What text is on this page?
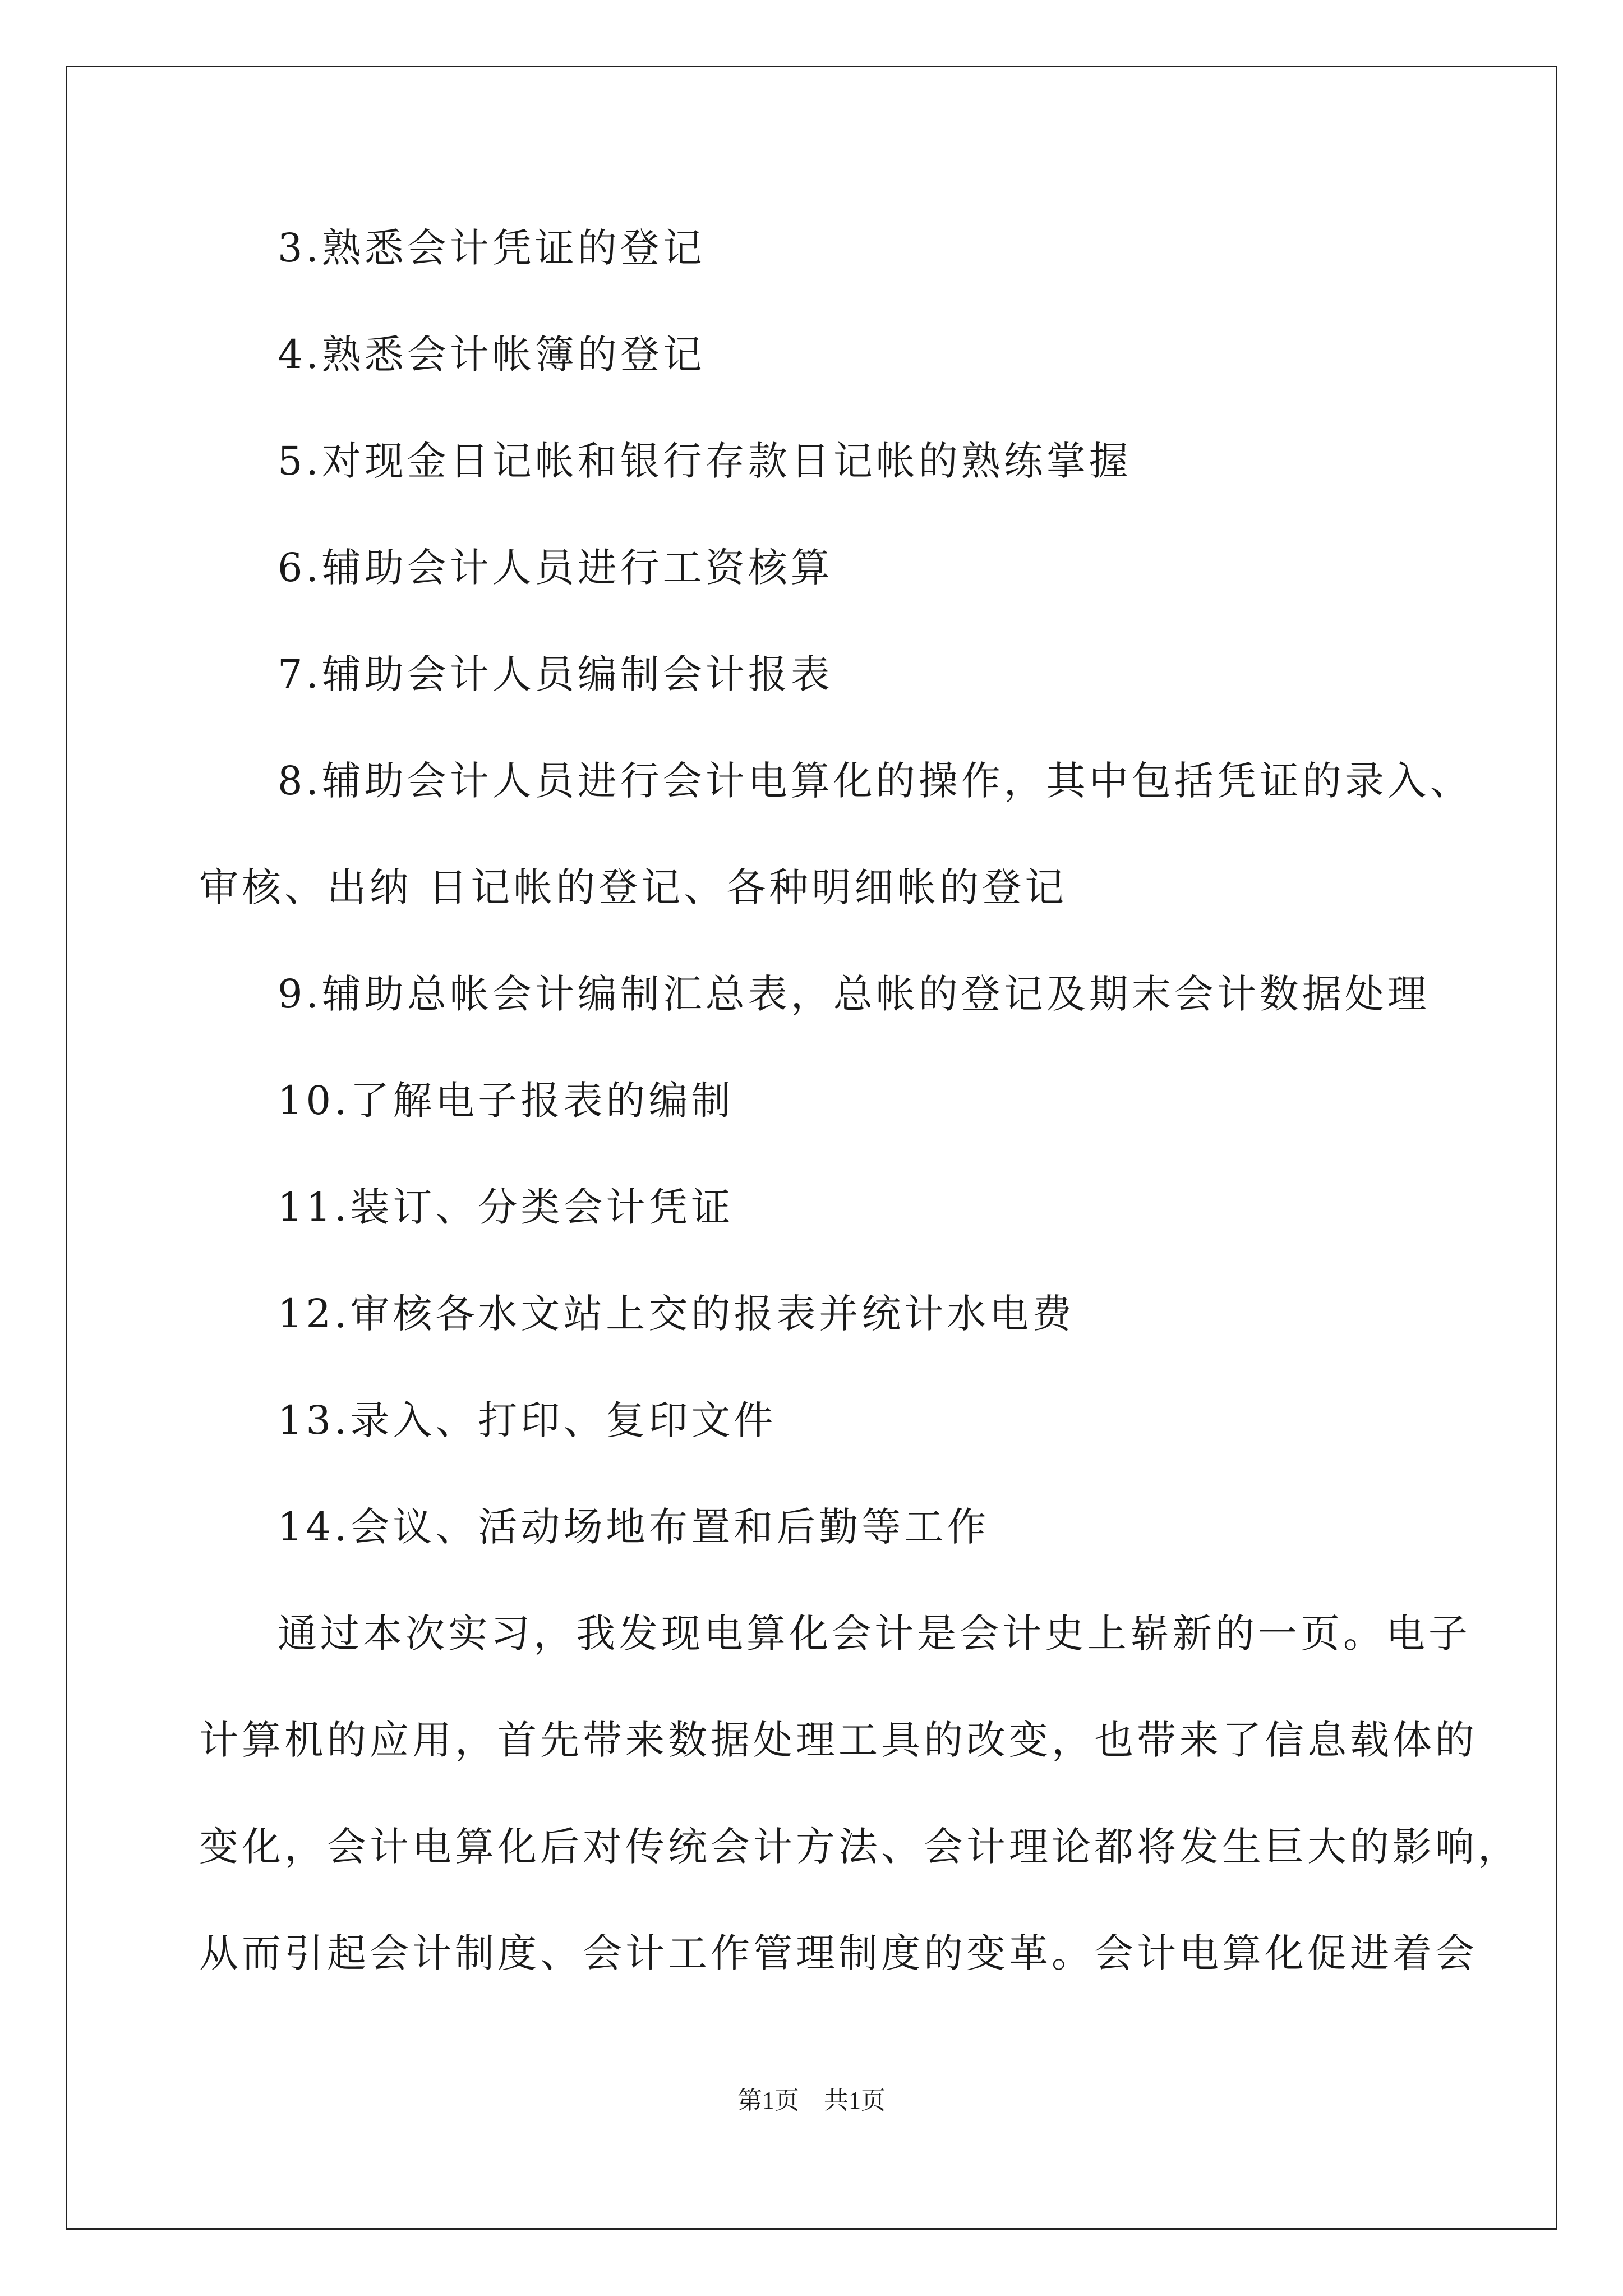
3.熟悉会计凭证的登记
4.熟悉会计帐簿的登记
5.对现金日记帐和银行存款日记帐的熟练掌握
6.辅助会计人员进行工资核算
7.辅助会计人员编制会计报表
8.辅助会计人员进行会计电算化的操作，其中包括凭证的录入、
审核、出纳 日记帐的登记、各种明细帐的登记
9.辅助总帐会计编制汇总表，总帐的登记及期末会计数据处理
10.了解电子报表的编制
11.装订、分类会计凭证
12.审核各水文站上交的报表并统计水电费
13.录入、打印、复印文件
14.会议、活动场地布置和后勤等工作
通过本次实习，我发现电算化会计是会计史上崭新的一页。电子
计算机的应用，首先带来数据处理工具的改变，也带来了信息载体的
变化，会计电算化后对传统会计方法、会计理论都将发生巨大的影响，
从而引起会计制度、会计工作管理制度的变革。会计电算化促进着会
第1页　共1页
